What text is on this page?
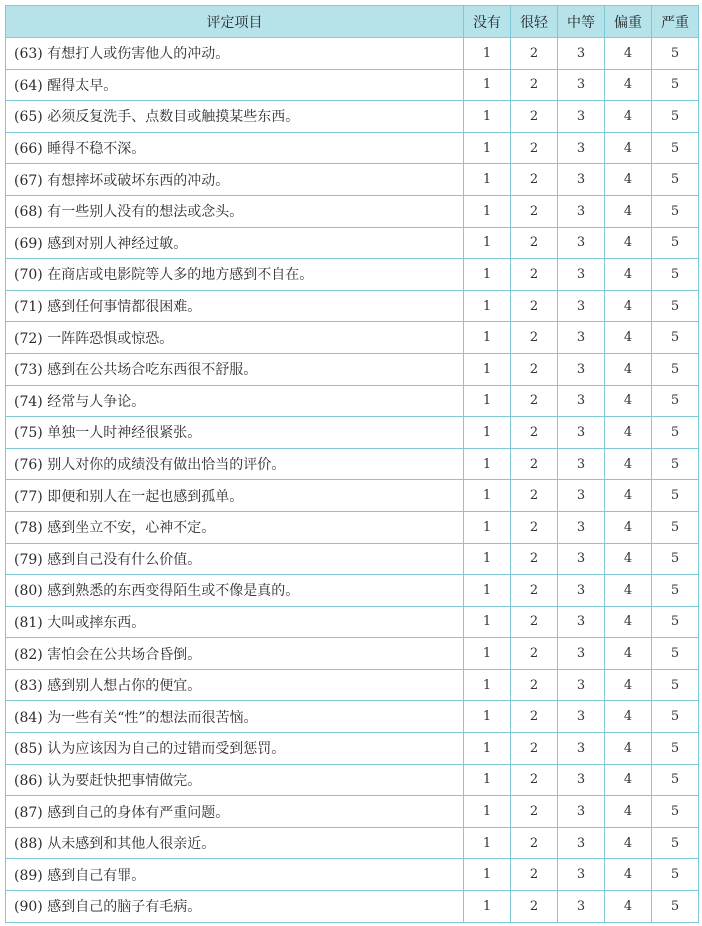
评定项目	没有	很轻	中等	偏重	严重
(63) 有想打人或伤害他人的冲动。	1	2	3	4	5
(64) 醒得太早。	1	2	3	4	5
(65) 必须反复洗手、点数目或触摸某些东西。	1	2	3	4	5
(66) 睡得不稳不深。	1	2	3	4	5
(67) 有想摔坏或破坏东西的冲动。	1	2	3	4	5
(68) 有一些别人没有的想法或念头。	1	2	3	4	5
(69) 感到对别人神经过敏。	1	2	3	4	5
(70) 在商店或电影院等人多的地方感到不自在。	1	2	3	4	5
(71) 感到任何事情都很困难。	1	2	3	4	5
(72) 一阵阵恐惧或惊恐。	1	2	3	4	5
(73) 感到在公共场合吃东西很不舒服。	1	2	3	4	5
(74) 经常与人争论。	1	2	3	4	5
(75) 单独一人时神经很紧张。	1	2	3	4	5
(76) 别人对你的成绩没有做出恰当的评价。	1	2	3	4	5
(77) 即便和别人在一起也感到孤单。	1	2	3	4	5
(78) 感到坐立不安，心神不定。	1	2	3	4	5
(79) 感到自己没有什么价值。	1	2	3	4	5
(80) 感到熟悉的东西变得陌生或不像是真的。	1	2	3	4	5
(81) 大叫或摔东西。	1	2	3	4	5
(82) 害怕会在公共场合昏倒。	1	2	3	4	5
(83) 感到别人想占你的便宜。	1	2	3	4	5
(84) 为一些有关“性”的想法而很苦恼。	1	2	3	4	5
(85) 认为应该因为自己的过错而受到惩罚。	1	2	3	4	5
(86) 认为要赶快把事情做完。	1	2	3	4	5
(87) 感到自己的身体有严重问题。	1	2	3	4	5
(88) 从未感到和其他人很亲近。	1	2	3	4	5
(89) 感到自己有罪。	1	2	3	4	5
(90) 感到自己的脑子有毛病。	1	2	3	4	5
